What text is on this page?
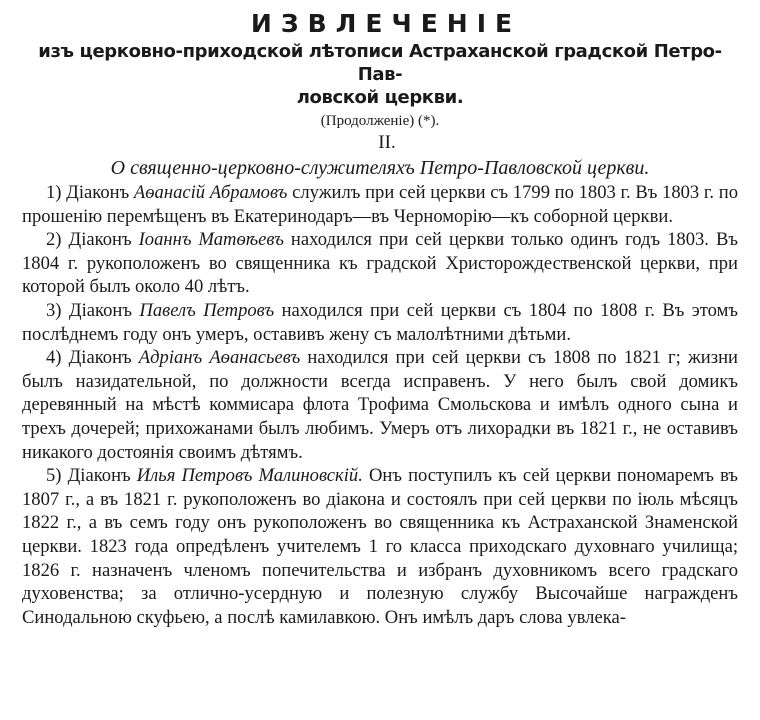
ИЗВЛЕЧЕНІЕ

изъ церковно-приходской лѣтописи Астраханской градской Петро-Пав-
ловской церкви.

(Продолженіе) (*).

II.

О священно-церковно-служителяхъ Петро-Павловской церкви.

1) Діаконъ Аѳанасій Абрамовъ служилъ при сей церкви съ 1799 по 1803 г. Въ 1803 г. по прошенію перемѣщенъ въ Екатеринодаръ—въ Черноморію—къ соборной церкви.

2) Діаконъ Іоаннъ Матѳѣевъ находился при сей церкви только одинъ годъ 1803. Въ 1804 г. рукоположенъ во священника къ градской Христорождественской церкви, при которой былъ около 40 лѣтъ.

3) Діаконъ Павелъ Петровъ находился при сей церкви съ 1804 по 1808 г. Въ этомъ послѣднемъ году онъ умеръ, оставивъ жену съ малолѣтними дѣтьми.

4) Діаконъ Адріанъ Аѳанасьевъ находился при сей церкви съ 1808 по 1821 г; жизни былъ назидательной, по должности всегда исправенъ. У него былъ свой домикъ деревянный на мѣстѣ коммисара флота Трофима Смольскова и имѣлъ одного сына и трехъ дочерей; прихожанами былъ любимъ. Умеръ отъ лихорадки въ 1821 г., не оставивъ никакого достоянія своимъ дѣтямъ.

5) Діаконъ Илья Петровъ Малиновскій. Онъ поступилъ къ сей церкви пономаремъ въ 1807 г., а въ 1821 г. рукоположенъ во діакона и состоялъ при сей церкви по іюль мѣсяцъ 1822 г., а въ семъ году онъ рукоположенъ во священника къ Астраханской Знаменской церкви. 1823 года опредѣленъ учителемъ 1 го класса приходскаго духовнаго училища; 1826 г. назначенъ членомъ попечительства и избранъ духовникомъ всего градскаго духовенства; за отлично-усердную и полезную службу Высочайше награжденъ Синодальною скуфьею, а послѣ камилавкою. Онъ имѣлъ даръ слова увлека-
